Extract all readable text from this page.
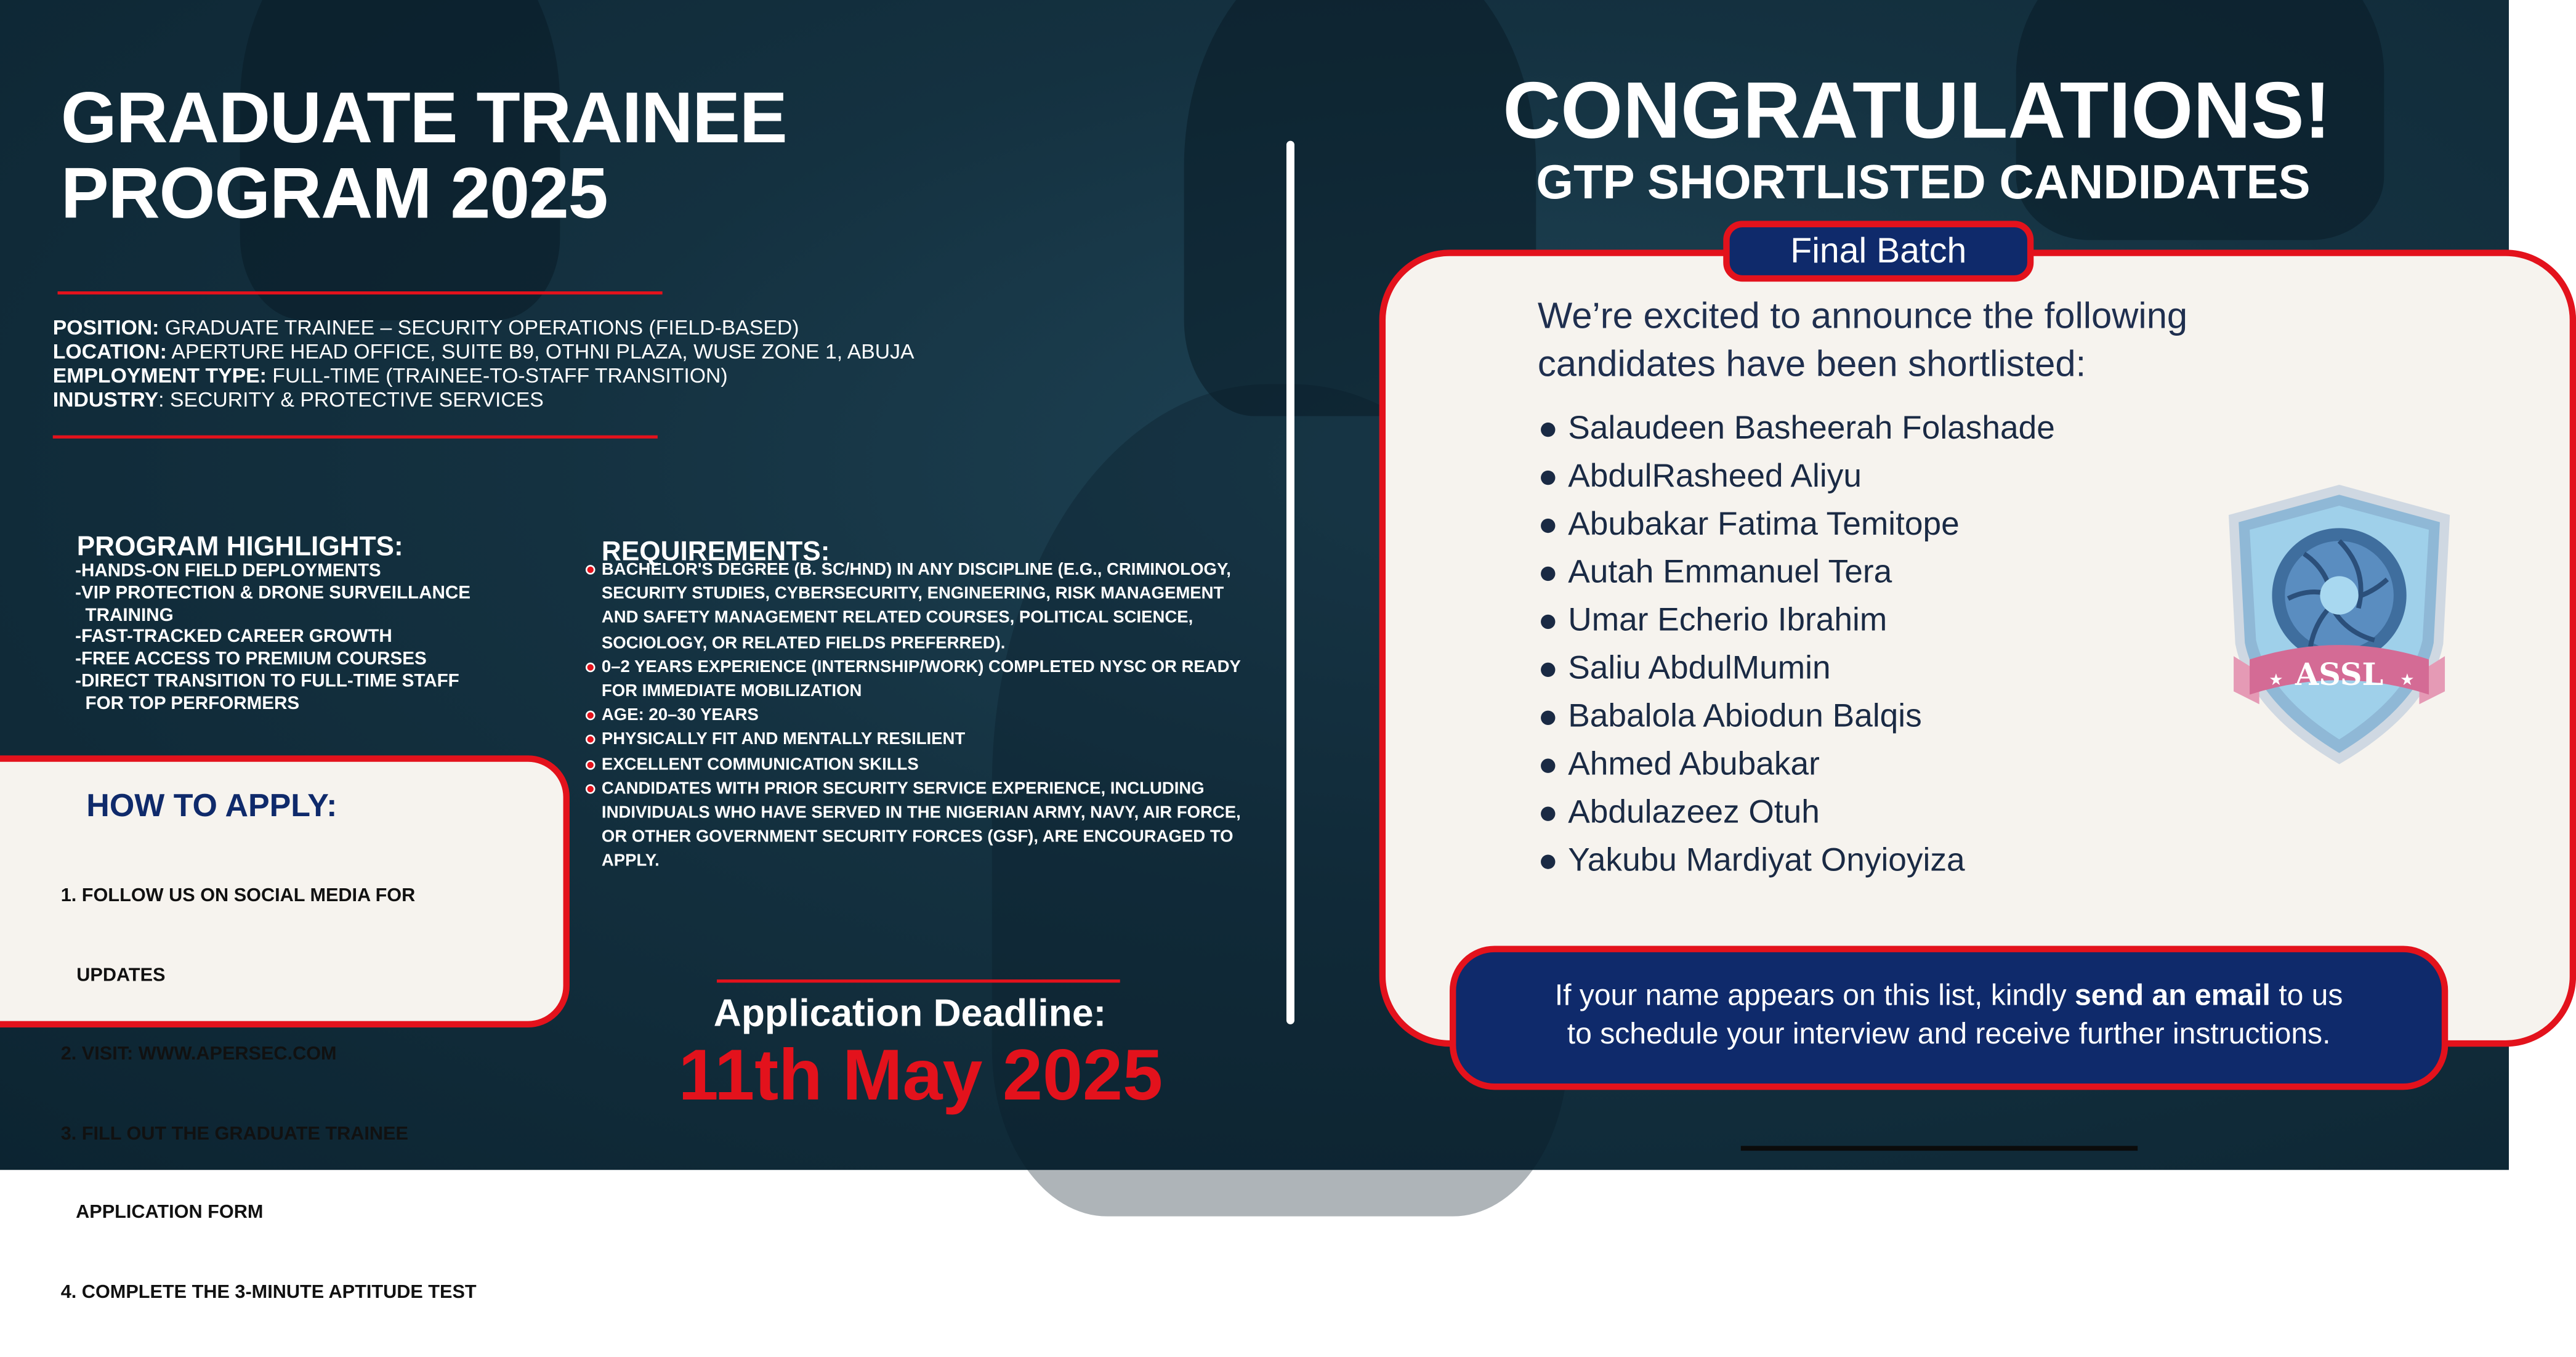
GRADUATE TRAINEE
PROGRAM 2025
POSITION: GRADUATE TRAINEE – SECURITY OPERATIONS (FIELD-BASED)
LOCATION: APERTURE HEAD OFFICE, SUITE B9, OTHNI PLAZA, WUSE ZONE 1, ABUJA
EMPLOYMENT TYPE: FULL-TIME (TRAINEE-TO-STAFF TRANSITION)
INDUSTRY: SECURITY & PROTECTIVE SERVICES
PROGRAM HIGHLIGHTS:
-HANDS-ON FIELD DEPLOYMENTS
-VIP PROTECTION & DRONE SURVEILLANCE
TRAINING
-FAST-TRACKED CAREER GROWTH
-FREE ACCESS TO PREMIUM COURSES
-DIRECT TRANSITION TO FULL-TIME STAFF
FOR TOP PERFORMERS
REQUIREMENTS:
BACHELOR'S DEGREE (B. SC/HND) IN ANY DISCIPLINE (E.G., CRIMINOLOGY, SECURITY STUDIES, CYBERSECURITY, ENGINEERING, RISK MANAGEMENT AND SAFETY MANAGEMENT RELATED COURSES, POLITICAL SCIENCE, SOCIOLOGY, OR RELATED FIELDS PREFERRED).
0–2 YEARS EXPERIENCE (INTERNSHIP/WORK) COMPLETED NYSC OR READY FOR IMMEDIATE MOBILIZATION
AGE: 20–30 YEARS
PHYSICALLY FIT AND MENTALLY RESILIENT
EXCELLENT COMMUNICATION SKILLS
CANDIDATES WITH PRIOR SECURITY SERVICE EXPERIENCE, INCLUDING INDIVIDUALS WHO HAVE SERVED IN THE NIGERIAN ARMY, NAVY, AIR FORCE, OR OTHER GOVERNMENT SECURITY FORCES (GSF), ARE ENCOURAGED TO APPLY.
HOW TO APPLY:

1. FOLLOW US ON SOCIAL MEDIA FOR

UPDATES

2. VISIT: WWW.APERSEC.COM

3. FILL OUT THE GRADUATE TRAINEE

APPLICATION FORM

4. COMPLETE THE 3-MINUTE APTITUDE TEST

Application Deadline:
11th May 2025
CONGRATULATIONS!
GTP SHORTLISTED CANDIDATES
We’re excited to announce the following
candidates have been shortlisted:
Salaudeen Basheerah Folashade
AbdulRasheed Aliyu
Abubakar Fatima Temitope
Autah Emmanuel Tera
Umar Echerio Ibrahim
Saliu AbdulMumin
Babalola Abiodun Balqis
Ahmed Abubakar
Abdulazeez Otuh
Yakubu Mardiyat Onyioyiza
ASSL
★	★
Final Batch
If your name appears on this list, kindly send an email to us
to schedule your interview and receive further instructions.
